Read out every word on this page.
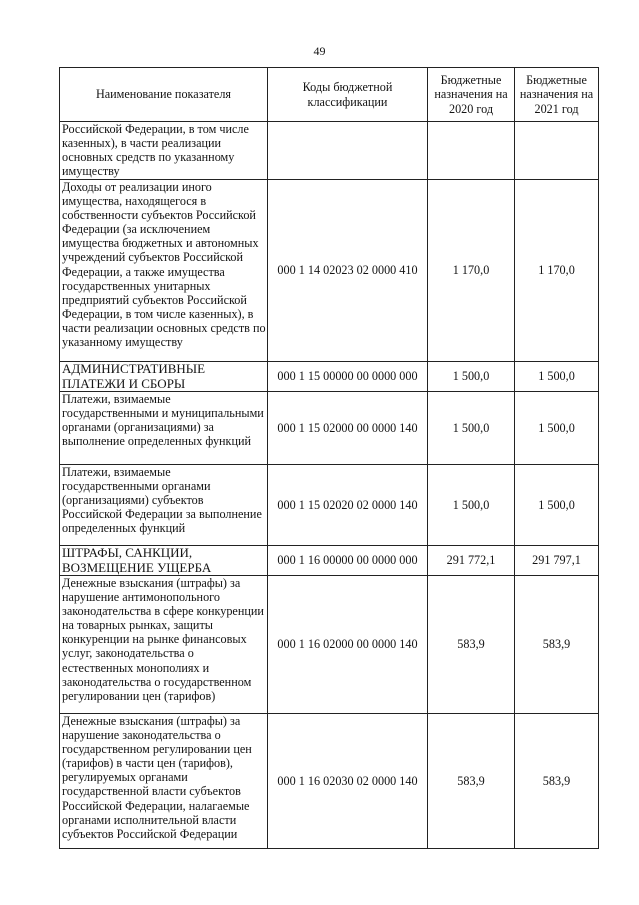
49
Наименование показателя	Коды бюджетной классификации	Бюджетные назначения на 2020 год	Бюджетные назначения на 2021 год
Российской Федерации, в том числе казенных), в части реализации основных средств по указанному имуществу			
Доходы от реализации иного имущества, находящегося в собственности субъектов Российской Федерации (за исключением имущества бюджетных и автономных учреждений субъектов Российской Федерации, а также имущества государственных унитарных предприятий субъектов Российской Федерации, в том числе казенных), в части реализации основных средств по указанному имуществу	000 1 14 02023 02 0000 410	1 170,0	1 170,0
АДМИНИСТРАТИВНЫЕ ПЛАТЕЖИ И СБОРЫ	000 1 15 00000 00 0000 000	1 500,0	1 500,0
Платежи, взимаемые государственными и муниципальными органами (организациями) за выполнение определенных функций	000 1 15 02000 00 0000 140	1 500,0	1 500,0
Платежи, взимаемые государственными органами (организациями) субъектов Российской Федерации за выполнение определенных функций	000 1 15 02020 02 0000 140	1 500,0	1 500,0
ШТРАФЫ, САНКЦИИ, ВОЗМЕЩЕНИЕ УЩЕРБА	000 1 16 00000 00 0000 000	291 772,1	291 797,1
Денежные взыскания (штрафы) за нарушение антимонопольного законодательства в сфере конкуренции на товарных рынках, защиты конкуренции на рынке финансовых услуг, законодательства о естественных монополиях и законодательства о государственном регулировании цен (тарифов)	000 1 16 02000 00 0000 140	583,9	583,9
Денежные взыскания (штрафы) за нарушение законодательства о государственном регулировании цен (тарифов) в части цен (тарифов), регулируемых органами государственной власти субъектов Российской Федерации, налагаемые органами исполнительной власти субъектов Российской Федерации	000 1 16 02030 02 0000 140	583,9	583,9
